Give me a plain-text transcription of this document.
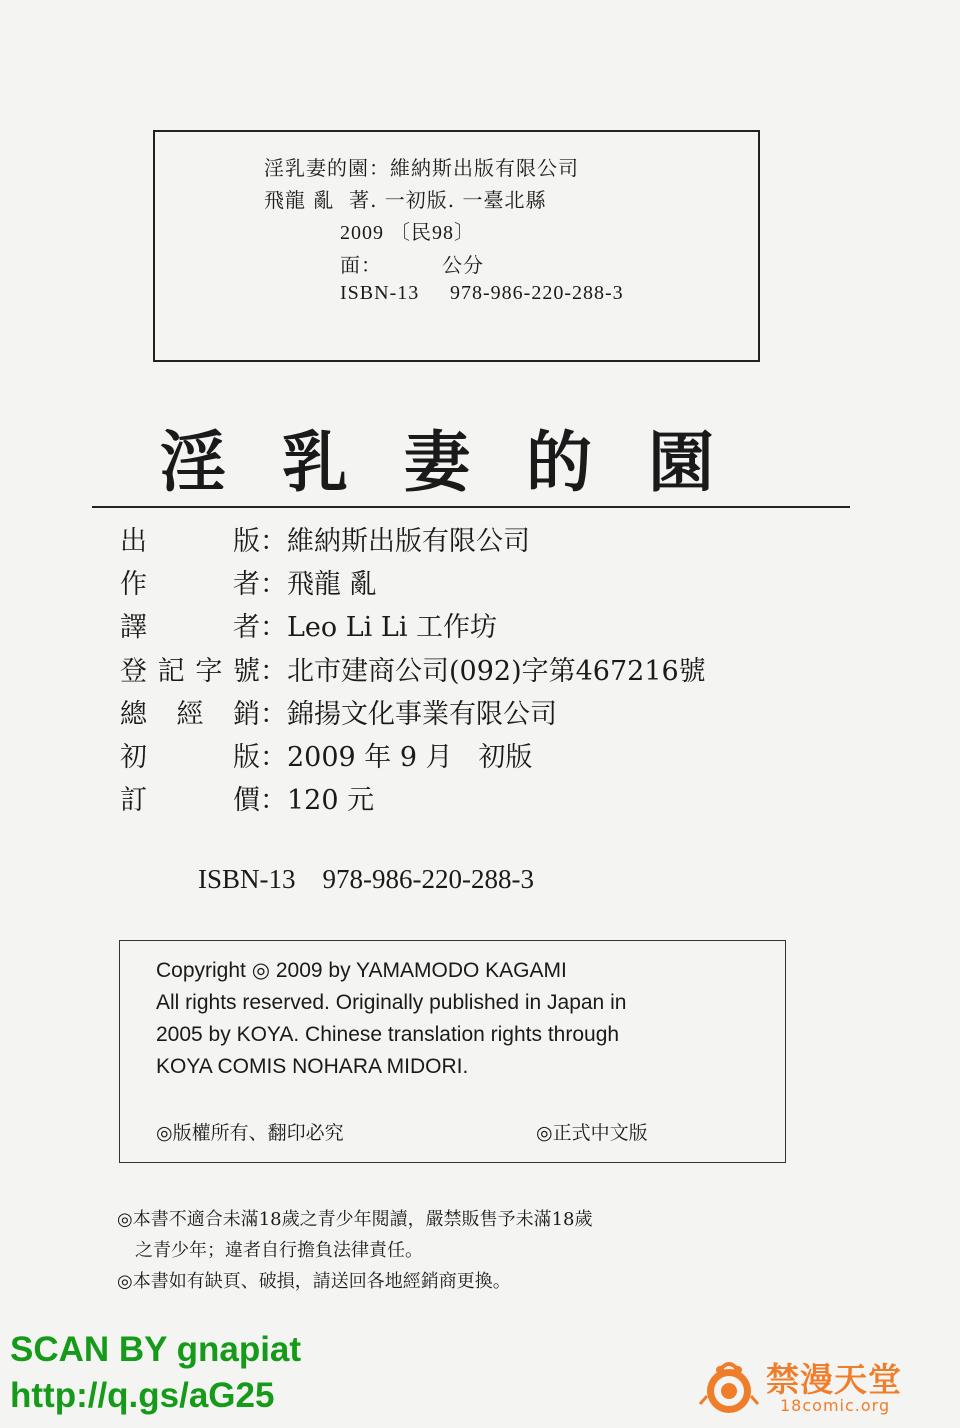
淫乳妻的園：維納斯出版有限公司
飛龍 亂  著. 一初版. 一臺北縣
2009 〔民98〕
面：	公分
ISBN-13 978-986-220-288-3
淫乳妻的園
出版：維納斯出版有限公司
作者：飛龍 亂
譯者：Leo Li Li 工作坊
登記字號：北市建商公司(092)字第467216號
總經銷：錦揚文化事業有限公司
初版：2009 年 9 月   初版
訂價：120 元
ISBN-13    978-986-220-288-3
Copyright ◎ 2009 by YAMAMODO KAGAMI
All rights reserved. Originally published in Japan in
2005 by KOYA. Chinese translation rights through
KOYA COMIS NOHARA MIDORI.
◎版權所有、翻印必究	◎正式中文版
◎本書不適合未滿18歲之青少年閱讀，嚴禁販售予未滿18歲
　之青少年；違者自行擔負法律責任。
◎本書如有缺頁、破損，請送回各地經銷商更換。
SCAN BY gnapiat
http://q.gs/aG25	禁漫天堂
18comic.org
